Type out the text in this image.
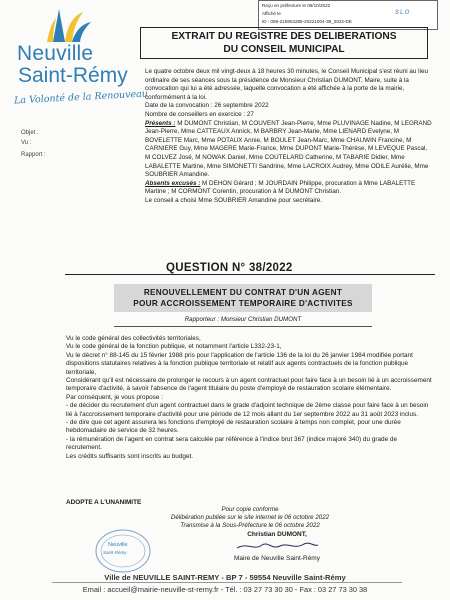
Reçu en préfecture le 06/10/2022
Affiché le
ID : 059-215904285-20221004-38_2022-DE
SLO
Neuville
Saint-Rémy
La Volonté de la Renouveau
Objet :
Vu :
Rapport :
EXTRAIT DU REGISTRE DES DELIBERATIONS
DU CONSEIL MUNICIPAL

Le quatre octobre deux mil vingt-deux à 18 heures 30 minutes, le Conseil Municipal s'est réuni au lieu ordinaire de ses séances sous la présidence de Monsieur Christian DUMONT, Maire, suite à la convocation qui lui a été adressée, laquelle convocation a été affichée à la porte de la mairie, conformément à la loi.

Date de la convocation : 26 septembre 2022

Nombre de conseillers en exercice : 27

Présents : M DUMONT Christian, M COUVENT Jean-Pierre, Mme PLUVINAGE Nadine, M LEGRAND Jean-Pierre, Mme CATTEAUX Annick, M BARBRY Jean-Marie, Mme LIENARD Evelyne, M BOVELETTE Marc, Mme POTAUX Annie, M BOULET Jean-Marc, Mme CHAUWIN Francine, M CARNIERE Guy, Mme MAGERE Marie-France, Mme DUPONT Marie-Thérèse, M LEVEQUE Pascal, M COLVEZ José, M NOWAK Daniel, Mme COUTELARD Catherine, M TABARIE Didier, Mme LABALETTE Martine, Mme SIMONETTI Sandrine, Mme LACROIX Audrey, Mme ODILE Aurélie, Mme SOUBRIER Amandine.

Absents excusés : M DEHON Gérard ; M JOURDAIN Philippe, procuration à Mme LABALETTE Martine ; M CORMONT Corentin, procuration à M DUMONT Christian.

Le conseil a choisi Mme SOUBRIER Amandine pour secrétaire.

QUESTION N° 38/2022
RENOUVELLEMENT DU CONTRAT D'UN AGENT
POUR ACCROISSEMENT TEMPORAIRE D'ACTIVITES
Rapporteur : Monsieur Christian DUMONT

Vu le code général des collectivités territoriales,

Vu le code général de la fonction publique, et notamment l'article L332-23-1,

Vu le décret n° 88-145 du 15 février 1988 pris pour l'application de l'article 136 de la loi du 26 janvier 1984 modifiée portant dispositions statutaires relatives à la fonction publique territoriale et relatif aux agents contractuels de la fonction publique territoriale,

Considérant qu'il est nécessaire de prolonger le recours à un agent contractuel pour faire face à un besoin lié à un accroissement temporaire d'activité, à savoir l'absence de l'agent titulaire du poste d'employé de restauration scolaire élémentaire.

Par conséquent, je vous propose :

- de décider du recrutement d'un agent contractuel dans le grade d'adjoint technique de 2ème classe pour faire face à un besoin lié à l'accroissement temporaire d'activité pour une période de 12 mois allant du 1er septembre 2022 au 31 août 2023 inclus.

- de dire que cet agent assurera les fonctions d'employé de restauration scolaire à temps non complet, pour une durée hebdomadaire de service de 32 heures.

- la rémunération de l'agent en contrat sera calculée par référence à l'indice brut 367 (indice majoré 340) du grade de recrutement.

Les crédits suffisants sont inscrits au budget.

ADOPTE A L'UNANIMITE
Pour copie conforme
Délibération publiée sur le site internet le 06 octobre 2022
Transmise à la Sous-Préfecture le 06 octobre 2022
Neuville
Saint-Rémy
Christian DUMONT,
Maire de Neuville Saint-Rémy
Ville de NEUVILLE SAINT-REMY - BP 7 - 59554 Neuville Saint-Rémy
Email : accueil@mairie-neuville-st-remy.fr - Tél. : 03 27 73 30 30 - Fax : 03 27 73 30 38
